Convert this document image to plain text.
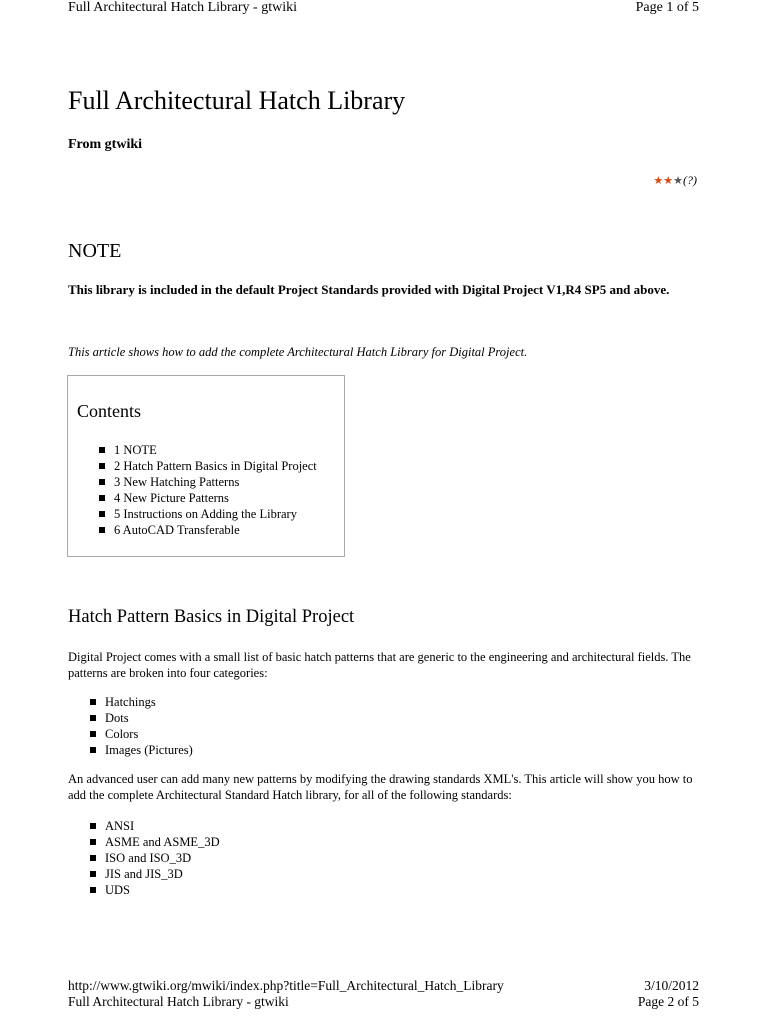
Full Architectural Hatch Library - gtwiki	Page 1 of 5
Full Architectural Hatch Library
From gtwiki
★★★(?)
NOTE
This library is included in the default Project Standards provided with Digital Project V1,R4 SP5 and above.
This article shows how to add the complete Architectural Hatch Library for Digital Project.
Contents
1 NOTE
2 Hatch Pattern Basics in Digital Project
3 New Hatching Patterns
4 New Picture Patterns
5 Instructions on Adding the Library
6 AutoCAD Transferable
Hatch Pattern Basics in Digital Project
Digital Project comes with a small list of basic hatch patterns that are generic to the engineering and architectural fields. The patterns are broken into four categories:
Hatchings
Dots
Colors
Images (Pictures)
An advanced user can add many new patterns by modifying the drawing standards XML's. This article will show you how to add the complete Architectural Standard Hatch library, for all of the following standards:
ANSI
ASME and ASME_3D
ISO and ISO_3D
JIS and JIS_3D
UDS
http://www.gtwiki.org/mwiki/index.php?title=Full_Architectural_Hatch_Library	3/10/2012
Full Architectural Hatch Library - gtwiki	Page 2 of 5
